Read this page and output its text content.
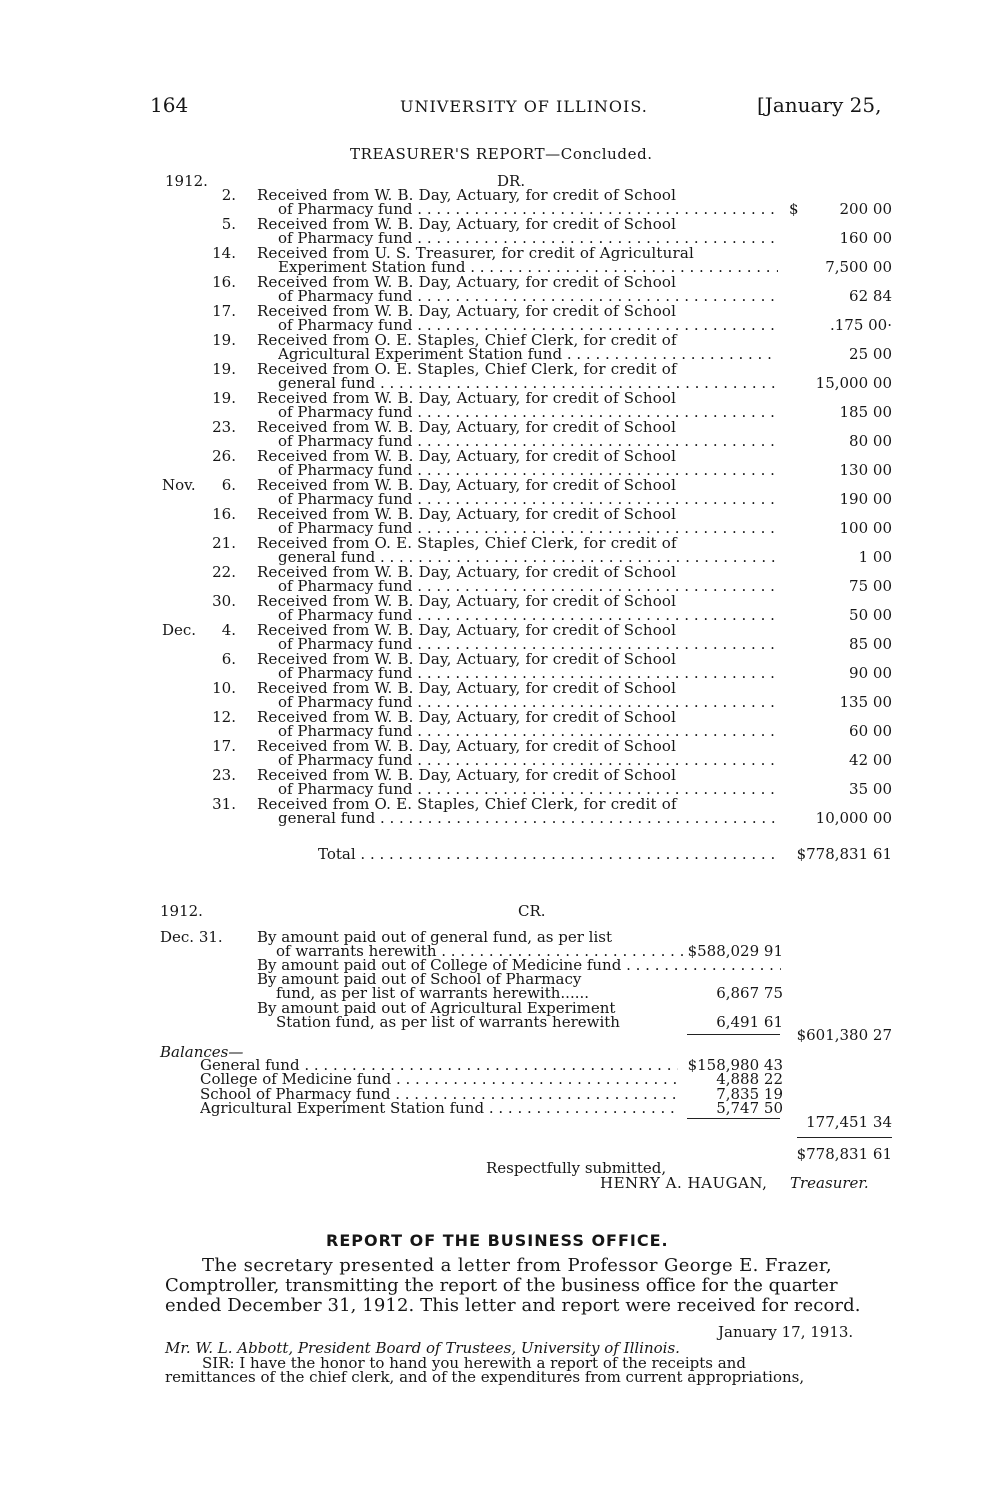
164	UNIVERSITY OF ILLINOIS.	[January 25,
TREASURER'S REPORT—Concluded.
1912.	DR.
2. Received from W. B. Day, Actuary, for credit of School
of Pharmacy fund . . .	$	200 00
5. Received from W. B. Day, Actuary, for credit of School
of Pharmacy fund . . .	160 00
14. Received from U. S. Treasurer, for credit of Agricultural
Experiment Station fund . . .	7,500 00
16. Received from W. B. Day, Actuary, for credit of School
of Pharmacy fund . . .	62 84
17. Received from W. B. Day, Actuary, for credit of School
of Pharmacy fund . . .	.175 00·
19. Received from O. E. Staples, Chief Clerk, for credit of
Agricultural Experiment Station fund . . .	25 00
19. Received from O. E. Staples, Chief Clerk, for credit of
general fund . . .	15,000 00
19. Received from W. B. Day, Actuary, for credit of School
of Pharmacy fund . . .	185 00
23. Received from W. B. Day, Actuary, for credit of School
of Pharmacy fund . . .	80 00
26. Received from W. B. Day, Actuary, for credit of School
of Pharmacy fund . . .	130 00
Nov. 6. Received from W. B. Day, Actuary, for credit of School
of Pharmacy fund . . .	190 00
16. Received from W. B. Day, Actuary, for credit of School
of Pharmacy fund . . .	100 00
21. Received from O. E. Staples, Chief Clerk, for credit of
general fund . . .	1 00
22. Received from W. B. Day, Actuary, for credit of School
of Pharmacy fund . . .	75 00
30. Received from W. B. Day, Actuary, for credit of School
of Pharmacy fund . . .	50 00
Dec. 4. Received from W. B. Day, Actuary, for credit of School
of Pharmacy fund . . .	85 00
6. Received from W. B. Day, Actuary, for credit of School
of Pharmacy fund . . .	90 00
10. Received from W. B. Day, Actuary, for credit of School
of Pharmacy fund . . .	135 00
12. Received from W. B. Day, Actuary, for credit of School
of Pharmacy fund . . .	60 00
17. Received from W. B. Day, Actuary, for credit of School
of Pharmacy fund . . .	42 00
23. Received from W. B. Day, Actuary, for credit of School
of Pharmacy fund . . .	35 00
31. Received from O. E. Staples, Chief Clerk, for credit of
general fund . . .	10,000 00
Total . . .	$778,831 61
1912.	CR.
Dec. 31. By amount paid out of general fund, as per list
of warrants herewith . . .	$588,029 91
By amount paid out of College of Medicine fund . . .
By amount paid out of School of Pharmacy
fund, as per list of warrants herewith......	6,867 75
By amount paid out of Agricultural Experiment
Station fund, as per list of warrants herewith	6,491 61
$601,380 27
Balances—
General fund . . .	$158,980 43
College of Medicine fund . . .	4,888 22
School of Pharmacy fund . . .	7,835 19
Agricultural Experiment Station fund . . .	5,747 50
177,451 34
$778,831 61
Respectfully submitted,
HENRY A. HAUGAN, Treasurer.
REPORT OF THE BUSINESS OFFICE.
The secretary presented a letter from Professor George E. Frazer,
Comptroller, transmitting the report of the business office for the quarter
ended December 31, 1912. This letter and report were received for record.
January 17, 1913.
Mr. W. L. Abbott, President Board of Trustees, University of Illinois.
SIR: I have the honor to hand you herewith a report of the receipts and
remittances of the chief clerk, and of the expenditures from current appropriations,
